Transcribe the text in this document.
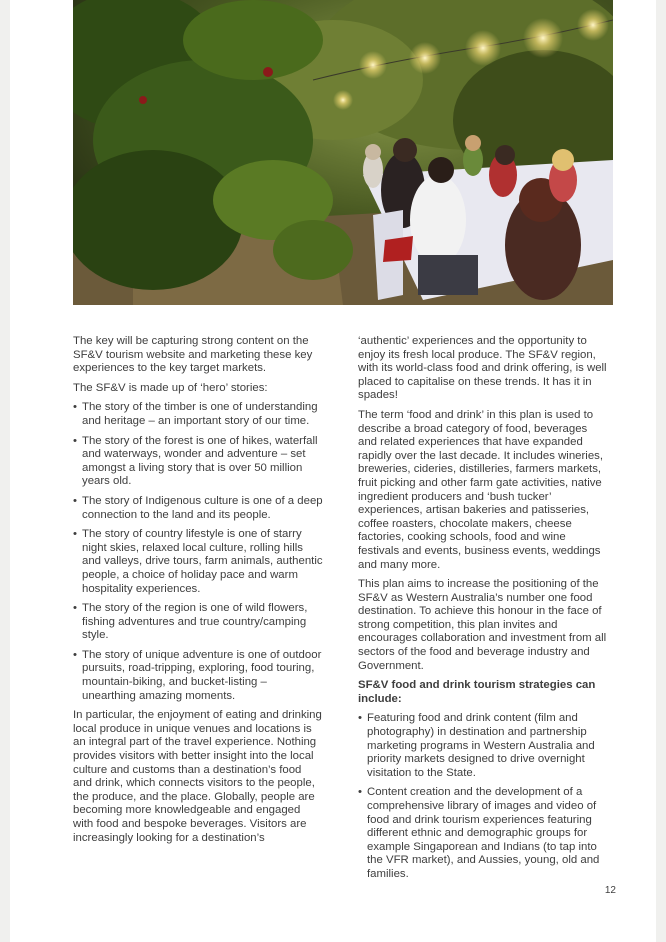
The key will be capturing strong content on the SF&V tourism website and marketing these key experiences to the key target markets.

The SF&V is made up of ‘hero’ stories:

• The story of the timber is one of understanding and heritage – an important story of our time.
• The story of the forest is one of hikes, waterfall and waterways, wonder and adventure – set amongst a living story that is over 50 million years old.
• The story of Indigenous culture is one of a deep connection to the land and its people.
• The story of country lifestyle is one of starry night skies, relaxed local culture, rolling hills and valleys, drive tours, farm animals, authentic people, a choice of holiday pace and warm hospitality experiences.
• The story of the region is one of wild flowers, fishing adventures and true country/camping style.
• The story of unique adventure is one of outdoor pursuits, road-tripping, exploring, food touring, mountain-biking, and bucket-listing – unearthing amazing moments.

In particular, the enjoyment of eating and drinking local produce in unique venues and locations is an integral part of the travel experience. Nothing provides visitors with better insight into the local culture and customs than a destination’s food and drink, which connects visitors to the people, the produce, and the place. Globally, people are becoming more knowledgeable and engaged with food and bespoke beverages. Visitors are increasingly looking for a destination’s

‘authentic’ experiences and the opportunity to enjoy its fresh local produce. The SF&V region, with its world-class food and drink offering, is well placed to capitalise on these trends. It has it in spades!

The term ‘food and drink’ in this plan is used to describe a broad category of food, beverages and related experiences that have expanded rapidly over the last decade. It includes wineries, breweries, cideries, distilleries, farmers markets, fruit picking and other farm gate activities, native ingredient producers and ‘bush tucker’ experiences, artisan bakeries and patisseries, coffee roasters, chocolate makers, cheese factories, cooking schools, food and wine festivals and events, business events, weddings and many more.

This plan aims to increase the positioning of the SF&V as Western Australia’s number one food destination. To achieve this honour in the face of strong competition, this plan invites and encourages collaboration and investment from all sectors of the food and beverage industry and Government.

SF&V food and drink tourism strategies can include:
• Featuring food and drink content (film and photography) in destination and partnership marketing programs in Western Australia and priority markets designed to drive overnight visitation to the State.
• Content creation and the development of a comprehensive library of images and video of food and drink tourism experiences featuring different ethnic and demographic groups for example Singaporean and Indians (to tap into the VFR market), and Aussies, young, old and families.
12
